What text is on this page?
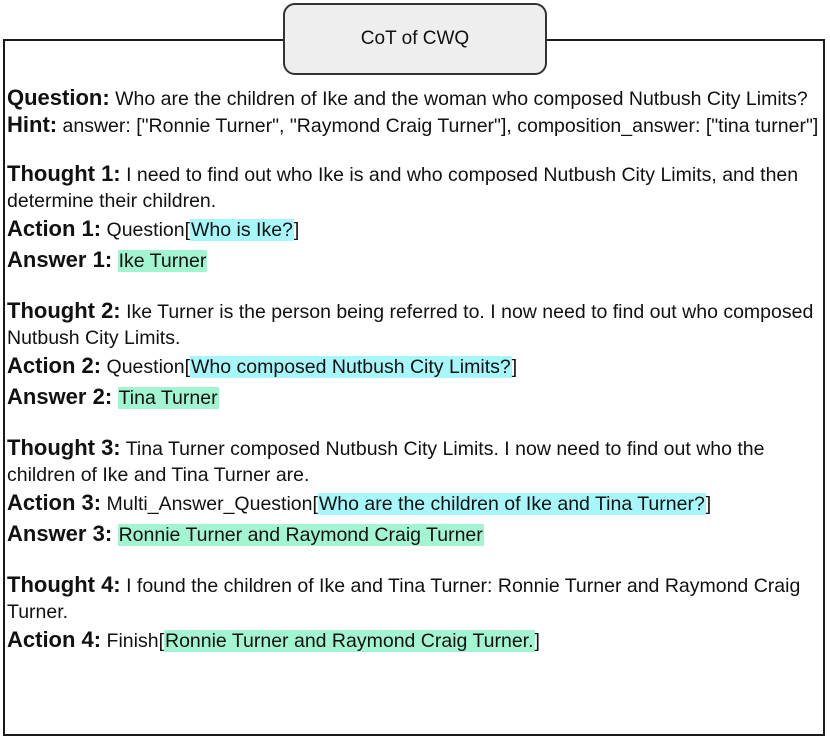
CoT of CWQ

Question: Who are the children of Ike and the woman who composed Nutbush City Limits?

Hint: answer: ["Ronnie Turner", "Raymond Craig Turner"], composition_answer: ["tina turner"]

Thought 1: I need to find out who Ike is and who composed Nutbush City Limits, and then determine their children.

Action 1: Question[Who is Ike?]

Answer 1: Ike Turner

Thought 2: Ike Turner is the person being referred to. I now need to find out who composed Nutbush City Limits.

Action 2: Question[Who composed Nutbush City Limits?]

Answer 2: Tina Turner

Thought 3: Tina Turner composed Nutbush City Limits. I now need to find out who the children of Ike and Tina Turner are.

Action 3: Multi_Answer_Question[Who are the children of Ike and Tina Turner?]

Answer 3: Ronnie Turner and Raymond Craig Turner

Thought 4: I found the children of Ike and Tina Turner: Ronnie Turner and Raymond Craig Turner.

Action 4: Finish[Ronnie Turner and Raymond Craig Turner.]
